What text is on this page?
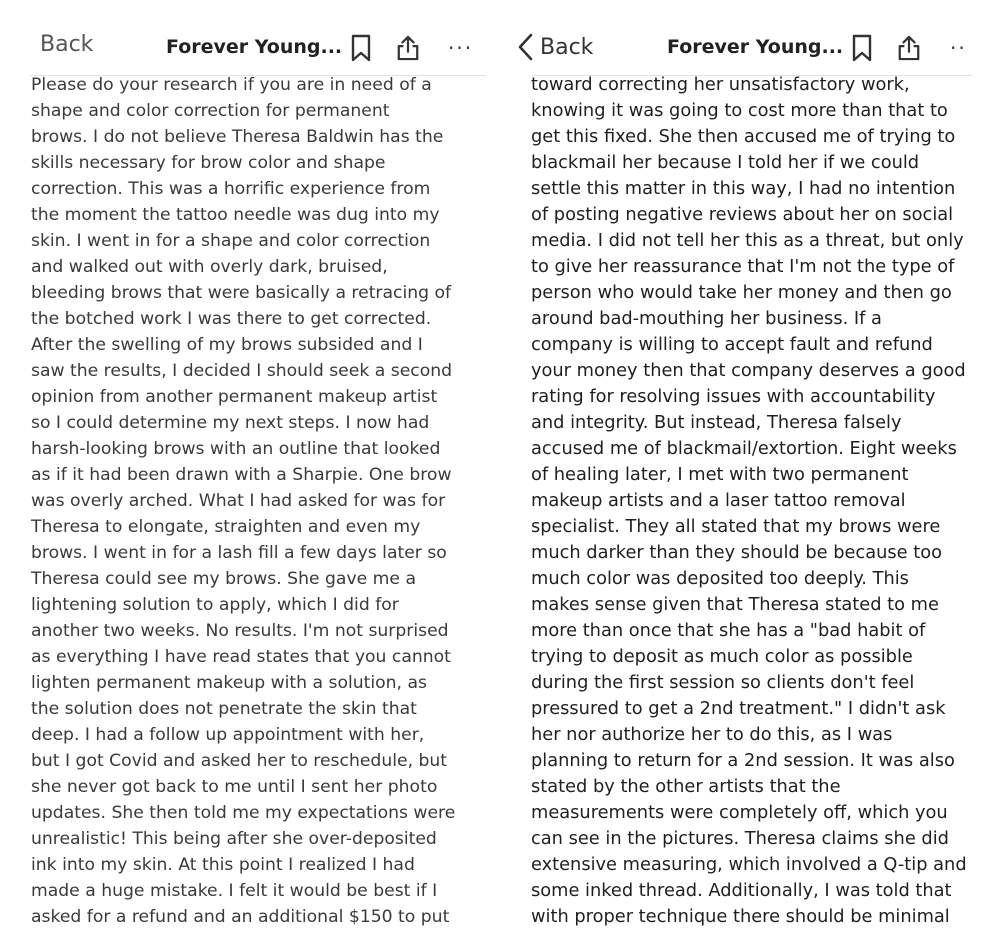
Back	Forever Young...	···
Please do your research if you are in need of a
shape and color correction for permanent
brows. I do not believe Theresa Baldwin has the
skills necessary for brow color and shape
correction. This was a horrific experience from
the moment the tattoo needle was dug into my
skin. I went in for a shape and color correction
and walked out with overly dark, bruised,
bleeding brows that were basically a retracing of
the botched work I was there to get corrected.
After the swelling of my brows subsided and I
saw the results, I decided I should seek a second
opinion from another permanent makeup artist
so I could determine my next steps. I now had
harsh-looking brows with an outline that looked
as if it had been drawn with a Sharpie. One brow
was overly arched. What I had asked for was for
Theresa to elongate, straighten and even my
brows. I went in for a lash fill a few days later so
Theresa could see my brows. She gave me a
lightening solution to apply, which I did for
another two weeks. No results. I'm not surprised
as everything I have read states that you cannot
lighten permanent makeup with a solution, as
the solution does not penetrate the skin that
deep. I had a follow up appointment with her,
but I got Covid and asked her to reschedule, but
she never got back to me until I sent her photo
updates. She then told me my expectations were
unrealistic! This being after she over-deposited
ink into my skin. At this point I realized I had
made a huge mistake. I felt it would be best if I
asked for a refund and an additional $150 to put
Back	Forever Young...	··
toward correcting her unsatisfactory work,
knowing it was going to cost more than that to
get this fixed. She then accused me of trying to
blackmail her because I told her if we could
settle this matter in this way, I had no intention
of posting negative reviews about her on social
media. I did not tell her this as a threat, but only
to give her reassurance that I'm not the type of
person who would take her money and then go
around bad-mouthing her business. If a
company is willing to accept fault and refund
your money then that company deserves a good
rating for resolving issues with accountability
and integrity. But instead, Theresa falsely
accused me of blackmail/extortion. Eight weeks
of healing later, I met with two permanent
makeup artists and a laser tattoo removal
specialist. They all stated that my brows were
much darker than they should be because too
much color was deposited too deeply. This
makes sense given that Theresa stated to me
more than once that she has a "bad habit of
trying to deposit as much color as possible
during the first session so clients don't feel
pressured to get a 2nd treatment." I didn't ask
her nor authorize her to do this, as I was
planning to return for a 2nd session. It was also
stated by the other artists that the
measurements were completely off, which you
can see in the pictures. Theresa claims she did
extensive measuring, which involved a Q-tip and
some inked thread. Additionally, I was told that
with proper technique there should be minimal
